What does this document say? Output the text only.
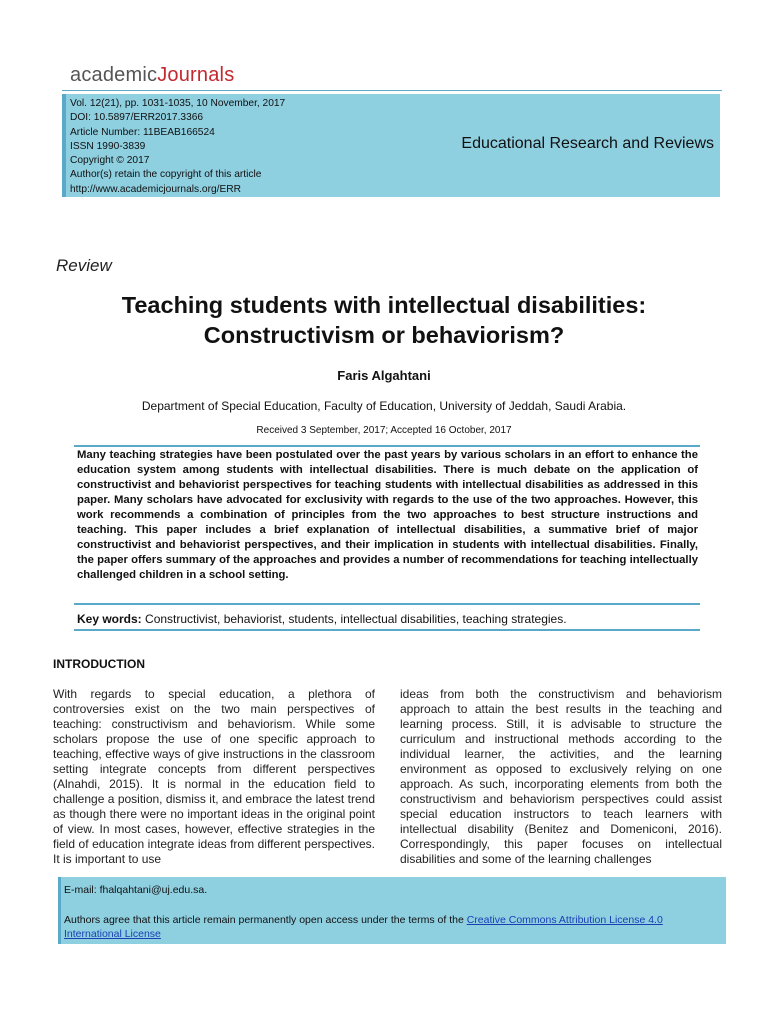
academicJournals
Vol. 12(21), pp. 1031-1035, 10 November, 2017
DOI: 10.5897/ERR2017.3366
Article Number: 11BEAB166524
ISSN 1990-3839
Copyright © 2017
Author(s) retain the copyright of this article
http://www.academicjournals.org/ERR
Educational Research and Reviews
Review
Teaching students with intellectual disabilities:
Constructivism or behaviorism?
Faris Algahtani
Department of Special Education, Faculty of Education, University of Jeddah, Saudi Arabia.
Received 3 September, 2017; Accepted 16 October, 2017
Many teaching strategies have been postulated over the past years by various scholars in an effort to enhance the education system among students with intellectual disabilities. There is much debate on the application of constructivist and behaviorist perspectives for teaching students with intellectual disabilities as addressed in this paper. Many scholars have advocated for exclusivity with regards to the use of the two approaches. However, this work recommends a combination of principles from the two approaches to best structure instructions and teaching. This paper includes a brief explanation of intellectual disabilities, a summative brief of major constructivist and behaviorist perspectives, and their implication in students with intellectual disabilities. Finally, the paper offers summary of the approaches and provides a number of recommendations for teaching intellectually challenged children in a school setting.
Key words: Constructivist, behaviorist, students, intellectual disabilities, teaching strategies.
INTRODUCTION
With regards to special education, a plethora of controversies exist on the two main perspectives of teaching: constructivism and behaviorism. While some scholars propose the use of one specific approach to teaching, effective ways of give instructions in the classroom setting integrate concepts from different perspectives (Alnahdi, 2015). It is normal in the education field to challenge a position, dismiss it, and embrace the latest trend as though there were no important ideas in the original point of view. In most cases, however, effective strategies in the field of education integrate ideas from different perspectives. It is important to use
ideas from both the constructivism and behaviorism approach to attain the best results in the teaching and learning process. Still, it is advisable to structure the curriculum and instructional methods according to the individual learner, the activities, and the learning environment as opposed to exclusively relying on one approach. As such, incorporating elements from both the constructivism and behaviorism perspectives could assist special education instructors to teach learners with intellectual disability (Benitez and Domeniconi, 2016). Correspondingly, this paper focuses on intellectual disabilities and some of the learning challenges
E-mail: fhalqahtani@uj.edu.sa.
Authors agree that this article remain permanently open access under the terms of the Creative Commons Attribution License 4.0 International License
